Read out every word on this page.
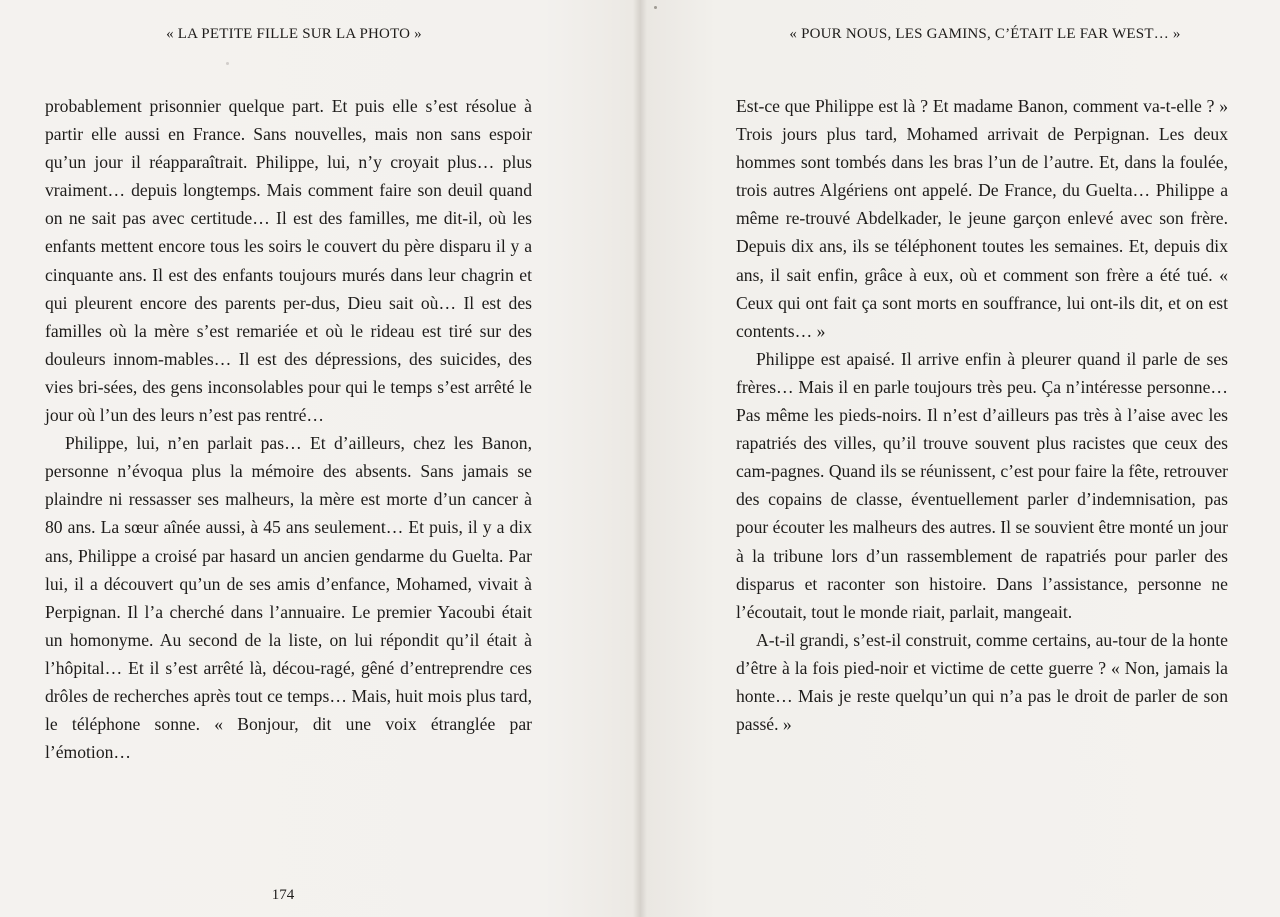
« LA PETITE FILLE SUR LA PHOTO »

probablement prisonnier quelque part. Et puis elle s’est résolue à partir elle aussi en France. Sans nouvelles, mais non sans espoir qu’un jour il réapparaîtrait. Philippe, lui, n’y croyait plus… plus vraiment… depuis longtemps. Mais comment faire son deuil quand on ne sait pas avec certitude… Il est des familles, me dit-il, où les enfants mettent encore tous les soirs le couvert du père disparu il y a cinquante ans. Il est des enfants toujours murés dans leur chagrin et qui pleurent encore des parents per-dus, Dieu sait où… Il est des familles où la mère s’est remariée et où le rideau est tiré sur des douleurs innom-mables… Il est des dépressions, des suicides, des vies bri-sées, des gens inconsolables pour qui le temps s’est arrêté le jour où l’un des leurs n’est pas rentré…

Philippe, lui, n’en parlait pas… Et d’ailleurs, chez les Banon, personne n’évoqua plus la mémoire des absents. Sans jamais se plaindre ni ressasser ses malheurs, la mère est morte d’un cancer à 80 ans. La sœur aînée aussi, à 45 ans seulement… Et puis, il y a dix ans, Philippe a croisé par hasard un ancien gendarme du Guelta. Par lui, il a découvert qu’un de ses amis d’enfance, Mohamed, vivait à Perpignan. Il l’a cherché dans l’annuaire. Le premier Yacoubi était un homonyme. Au second de la liste, on lui répondit qu’il était à l’hôpital… Et il s’est arrêté là, décou-ragé, gêné d’entreprendre ces drôles de recherches après tout ce temps… Mais, huit mois plus tard, le téléphone sonne. « Bonjour, dit une voix étranglée par l’émotion…

174
« POUR NOUS, LES GAMINS, C’ÉTAIT LE FAR WEST… »

Est-ce que Philippe est là ? Et madame Banon, comment va-t-elle ? » Trois jours plus tard, Mohamed arrivait de Perpignan. Les deux hommes sont tombés dans les bras l’un de l’autre. Et, dans la foulée, trois autres Algériens ont appelé. De France, du Guelta… Philippe a même re-trouvé Abdelkader, le jeune garçon enlevé avec son frère. Depuis dix ans, ils se téléphonent toutes les semaines. Et, depuis dix ans, il sait enfin, grâce à eux, où et comment son frère a été tué. « Ceux qui ont fait ça sont morts en souffrance, lui ont-ils dit, et on est contents… »

Philippe est apaisé. Il arrive enfin à pleurer quand il parle de ses frères… Mais il en parle toujours très peu. Ça n’intéresse personne… Pas même les pieds-noirs. Il n’est d’ailleurs pas très à l’aise avec les rapatriés des villes, qu’il trouve souvent plus racistes que ceux des cam-pagnes. Quand ils se réunissent, c’est pour faire la fête, retrouver des copains de classe, éventuellement parler d’indemnisation, pas pour écouter les malheurs des autres. Il se souvient être monté un jour à la tribune lors d’un rassemblement de rapatriés pour parler des disparus et raconter son histoire. Dans l’assistance, personne ne l’écoutait, tout le monde riait, parlait, mangeait.

A-t-il grandi, s’est-il construit, comme certains, au-tour de la honte d’être à la fois pied-noir et victime de cette guerre ? « Non, jamais la honte… Mais je reste quelqu’un qui n’a pas le droit de parler de son passé. »
